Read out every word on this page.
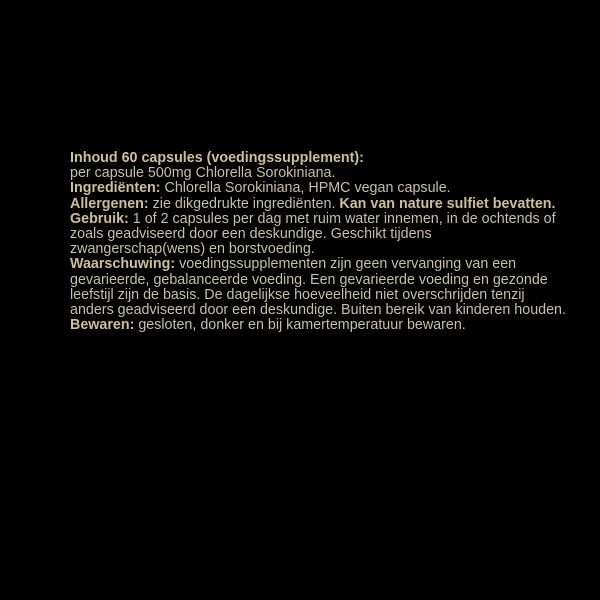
Inhoud 60 capsules (voedingssupplement):
per capsule 500mg Chlorella Sorokiniana.

Ingrediënten: Chlorella Sorokiniana, HPMC vegan capsule.

Allergenen: zie dikgedrukte ingrediënten. Kan van nature sulfiet bevatten.

Gebruik: 1 of 2 capsules per dag met ruim water innemen, in de ochtends of zoals geadviseerd door een deskundige. Geschikt tijdens zwangerschap(wens) en borstvoeding.

Waarschuwing: voedingssupplementen zijn geen vervanging van een gevarieerde, gebalanceerde voeding. Een gevarieerde voeding en gezonde leefstijl zijn de basis. De dagelijkse hoeveelheid niet overschrijden tenzij anders geadviseerd door een deskundige. Buiten bereik van kinderen houden.

Bewaren: gesloten, donker en bij kamertemperatuur bewaren.
